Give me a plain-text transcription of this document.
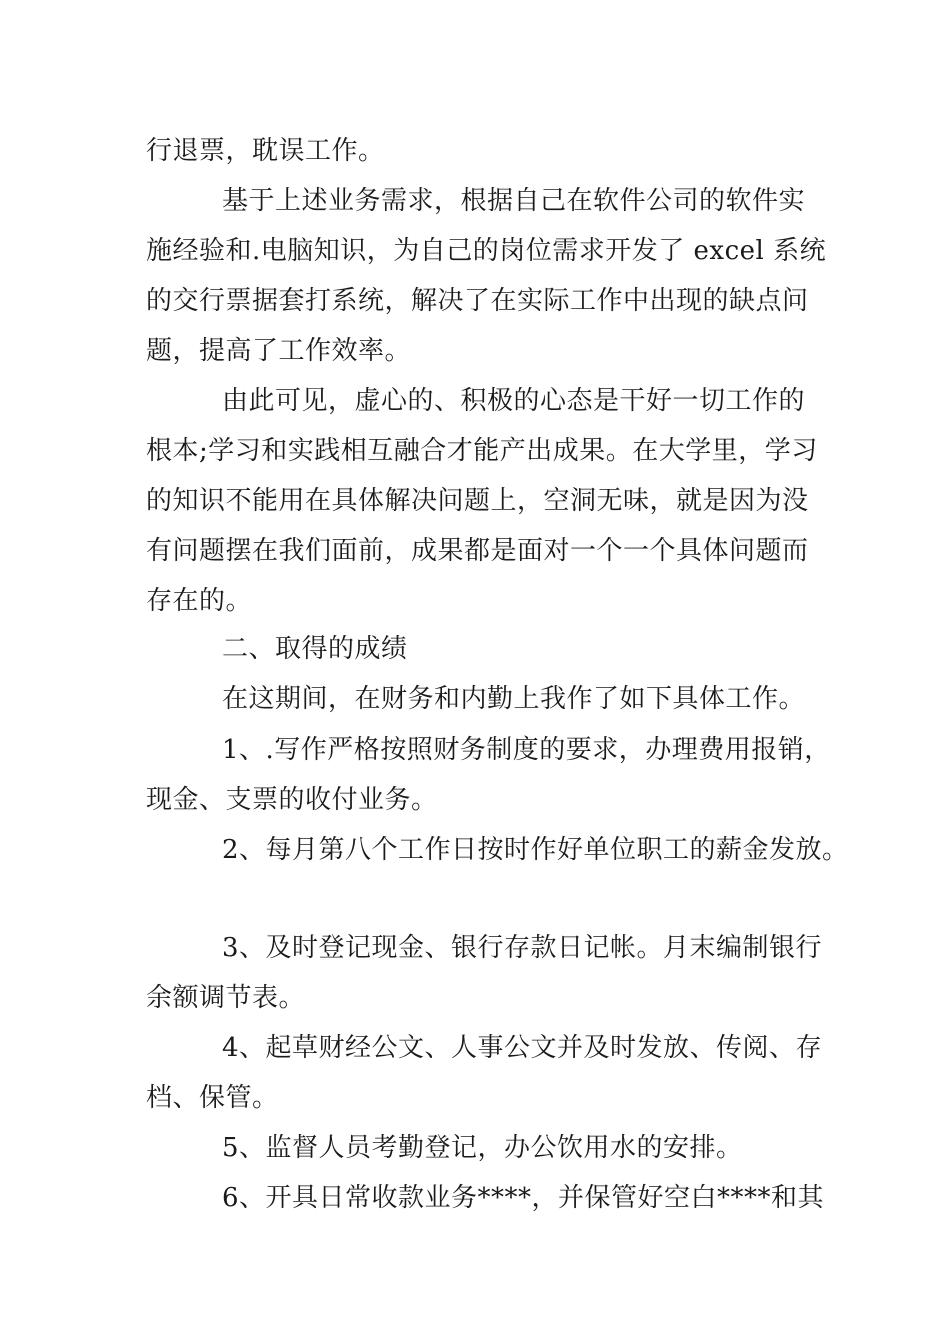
行退票，耽误工作。
基于上述业务需求，根据自己在软件公司的软件实
施经验和.电脑知识，为自己的岗位需求开发了 excel 系统
的交行票据套打系统，解决了在实际工作中出现的缺点问
题，提高了工作效率。
由此可见，虚心的、积极的心态是干好一切工作的
根本;学习和实践相互融合才能产出成果。在大学里，学习
的知识不能用在具体解决问题上，空洞无味，就是因为没
有问题摆在我们面前，成果都是面对一个一个具体问题而
存在的。
二、取得的成绩
在这期间，在财务和内勤上我作了如下具体工作。
1、.写作严格按照财务制度的要求，办理费用报销，
现金、支票的收付业务。
2、每月第八个工作日按时作好单位职工的薪金发放。
3、及时登记现金、银行存款日记帐。月末编制银行
余额调节表。
4、起草财经公文、人事公文并及时发放、传阅、存
档、保管。
5、监督人员考勤登记，办公饮用水的安排。
6、开具日常收款业务****，并保管好空白****和其
